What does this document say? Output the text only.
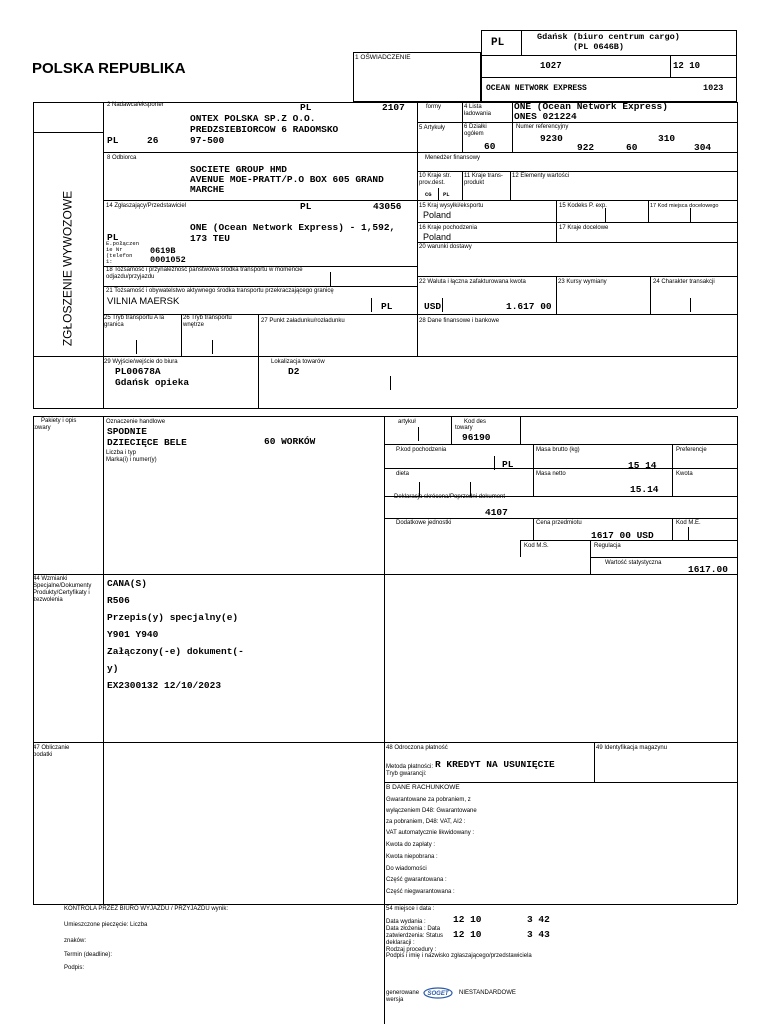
POLSKA REPUBLIKA
1 OŚWIADCZENIE
PL	Gdańsk (biuro centrum cargo)
(PL 0646B)
1027	12 10
OCEAN NETWORK EXPRESS	1023
ZGŁOSZENIE WYWOZOWE
2 Nadawca/eksporter	PL	2107
ONTEX POLSKA SP.Z O.O.
PREDZSIEBIORCOW 6 RADOMSKO
PL	26	97-500
formy	4 Lista
ładowania
ONE (Ocean Network Express)
ONES 021224
5 Artykuły	6 Działki
ogółem
60
Numer referencyjny
9230	310
922	60	304
8 Odbiorca
SOCIETE GROUP HMD
AVENUE MOE-PRATT/P.O BOX 605 GRAND
MARCHE
Menedżer finansowy
10 Kraje str.
prov.dest.
CG PL
11 Kraje trans-
produkt
12 Elementy wartości
14 Zgłaszający/Przedstawiciel	PL	43056
ONE (Ocean Network Express) - 1,592,
PL	173 TEU
E.połączen
ie Nr
(telefon
1:
0619B
0001052
15 Kraj wysyłki/eksportu
Poland
15 Kodeks P. exp.	17 Kod miejsca docelowego
16 Kraje pochodzenia
Poland
17 Kraje docelowe
20 warunki dostawy
18 Tożsamość i przynależność państwowa środka transportu w momencie
odjazdu/przyjazdu
21 Tożsamość i obywatelstwo aktywnego środka transportu przekraczającego granicę
VILNIA MAERSK	PL
22 Waluta i łączna zafakturowana kwota
USD	1.617 00
23 Kursy wymiany	24 Charakter transakcji
25 Tryb transportu A la
granica
26 Tryb transportu
wnętrze
27 Punkt załadunku/rozładunku	28 Dane finansowe i bankowe
29 Wyjście/wejście do biura
PL00678A
Gdańsk opieka
Lokalizacja towarów
D2
Pakiety i opis
towary
Oznaczenie handlowe
SPODNIE
DZIECIĘCE BELE	60 WORKÓW
Liczba i typ
Marka(i) i numer(y)
artykuł	Kod des
towary
96190
P.kod pochodzenia
PL
Masa brutto (kg)
15 14
Preferencje
dieta	Masa netto
15.14
Kwota
Deklaracja skrócona/Poprzedni dokument
4107
Dodatkowe jednostki	Cena przedmiotu
1617 00 USD
Kod M.E.
Kod M.S.	Regulacja
Wartość statystyczna
1617.00
44 Wzmianki
Specjalne/Dokumenty
Produkty/Certyfikaty i
zezwolenia
CANA(S)
R506
Przepis(y) specjalny(e)
Y901 Y940
Załączony(-e) dokument(-
y)
EX2300132 12/10/2023
47 Obliczanie
podatki
48 Odroczona płatność
Metoda płatności:
Tryb gwarancji:
R KREDYT NA USUNIĘCIE
49 Identyfikacja magazynu
B DANE RACHUNKOWE
Gwarantowane za pobraniem, z
wyłączeniem D48: Gwarantowane
za pobraniem, D48: VAT, AI2 :
VAT automatycznie likwidowany :
Kwota do zapłaty :
Kwota niepobrana :
Do wiadomości
Część gwarantowana :
Część niegwarantowana :
KONTROLA PRZEZ BIURO WYJAZDU / PRZYJAZDU wynik:
Umieszczone pieczęcie: Liczba
znaków:
Termin (deadline):
Podpis:
54 miejsce i data :
Data wydania :	12 10	3 42
Data złożenia : Data
zatwierdzenia: Status 12 10	3 43
deklaracji :
Rodzaj procedury :
Podpis i imię i nazwisko zgłaszającego/przedstawiciela
generowane
wersja
SOGET NIESTANDARDOWE
